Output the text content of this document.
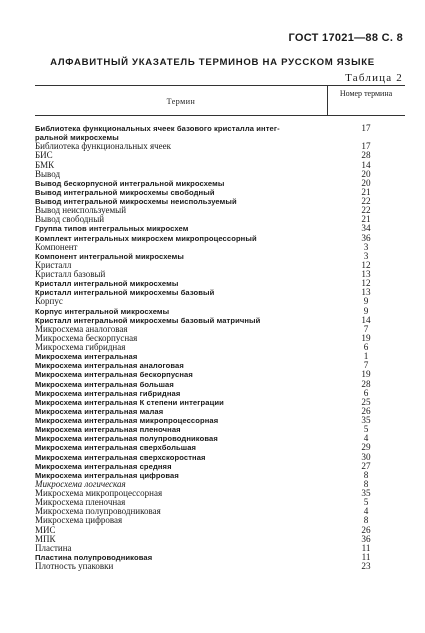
ГОСТ 17021—88 С. 8
АЛФАВИТНЫЙ УКАЗАТЕЛЬ ТЕРМИНОВ НА РУССКОМ ЯЗЫКЕ
Таблица 2
Термин
Номер термина
Библиотека функциональных ячеек базового кристалла интег-	17
ральной микросхемы
Библиотека функциональных ячеек	17
БИС	28
БМК	14
Вывод	20
Вывод бескорпусной интегральной микросхемы	20
Вывод интегральной микросхемы свободный	21
Вывод интегральной микросхемы неиспользуемый	22
Вывод неиспользуемый	22
Вывод свободный	21
Группа типов интегральных микросхем	34
Комплект интегральных микросхем микропроцессорный	36
Компонент	3
Компонент интегральной микросхемы	3
Кристалл	12
Кристалл базовый	13
Кристалл интегральной микросхемы	12
Кристалл интегральной микросхемы базовый	13
Корпус	9
Корпус интегральной микросхемы	9
Кристалл интегральной микросхемы базовый матричный	14
Микросхема аналоговая	7
Микросхема бескорпусная	19
Микросхема гибридная	6
Микросхема интегральная	1
Микросхема интегральная аналоговая	7
Микросхема интегральная бескорпусная	19
Микросхема интегральная большая	28
Микросхема интегральная гибридная	6
Микросхема интегральная К степени интеграции	25
Микросхема интегральная малая	26
Микросхема интегральная микропроцессорная	35
Микросхема интегральная пленочная	5
Микросхема интегральная полупроводниковая	4
Микросхема интегральная сверхбольшая	29
Микросхема интегральная сверхскоростная	30
Микросхема интегральная средняя	27
Микросхема интегральная цифровая	8
Микросхема логическая	8
Микросхема микропроцессорная	35
Микросхема пленочная	5
Микросхема полупроводниковая	4
Микросхема цифровая	8
МИС	26
МПК	36
Пластина	11
Пластина полупроводниковая	11
Плотность упаковки	23
